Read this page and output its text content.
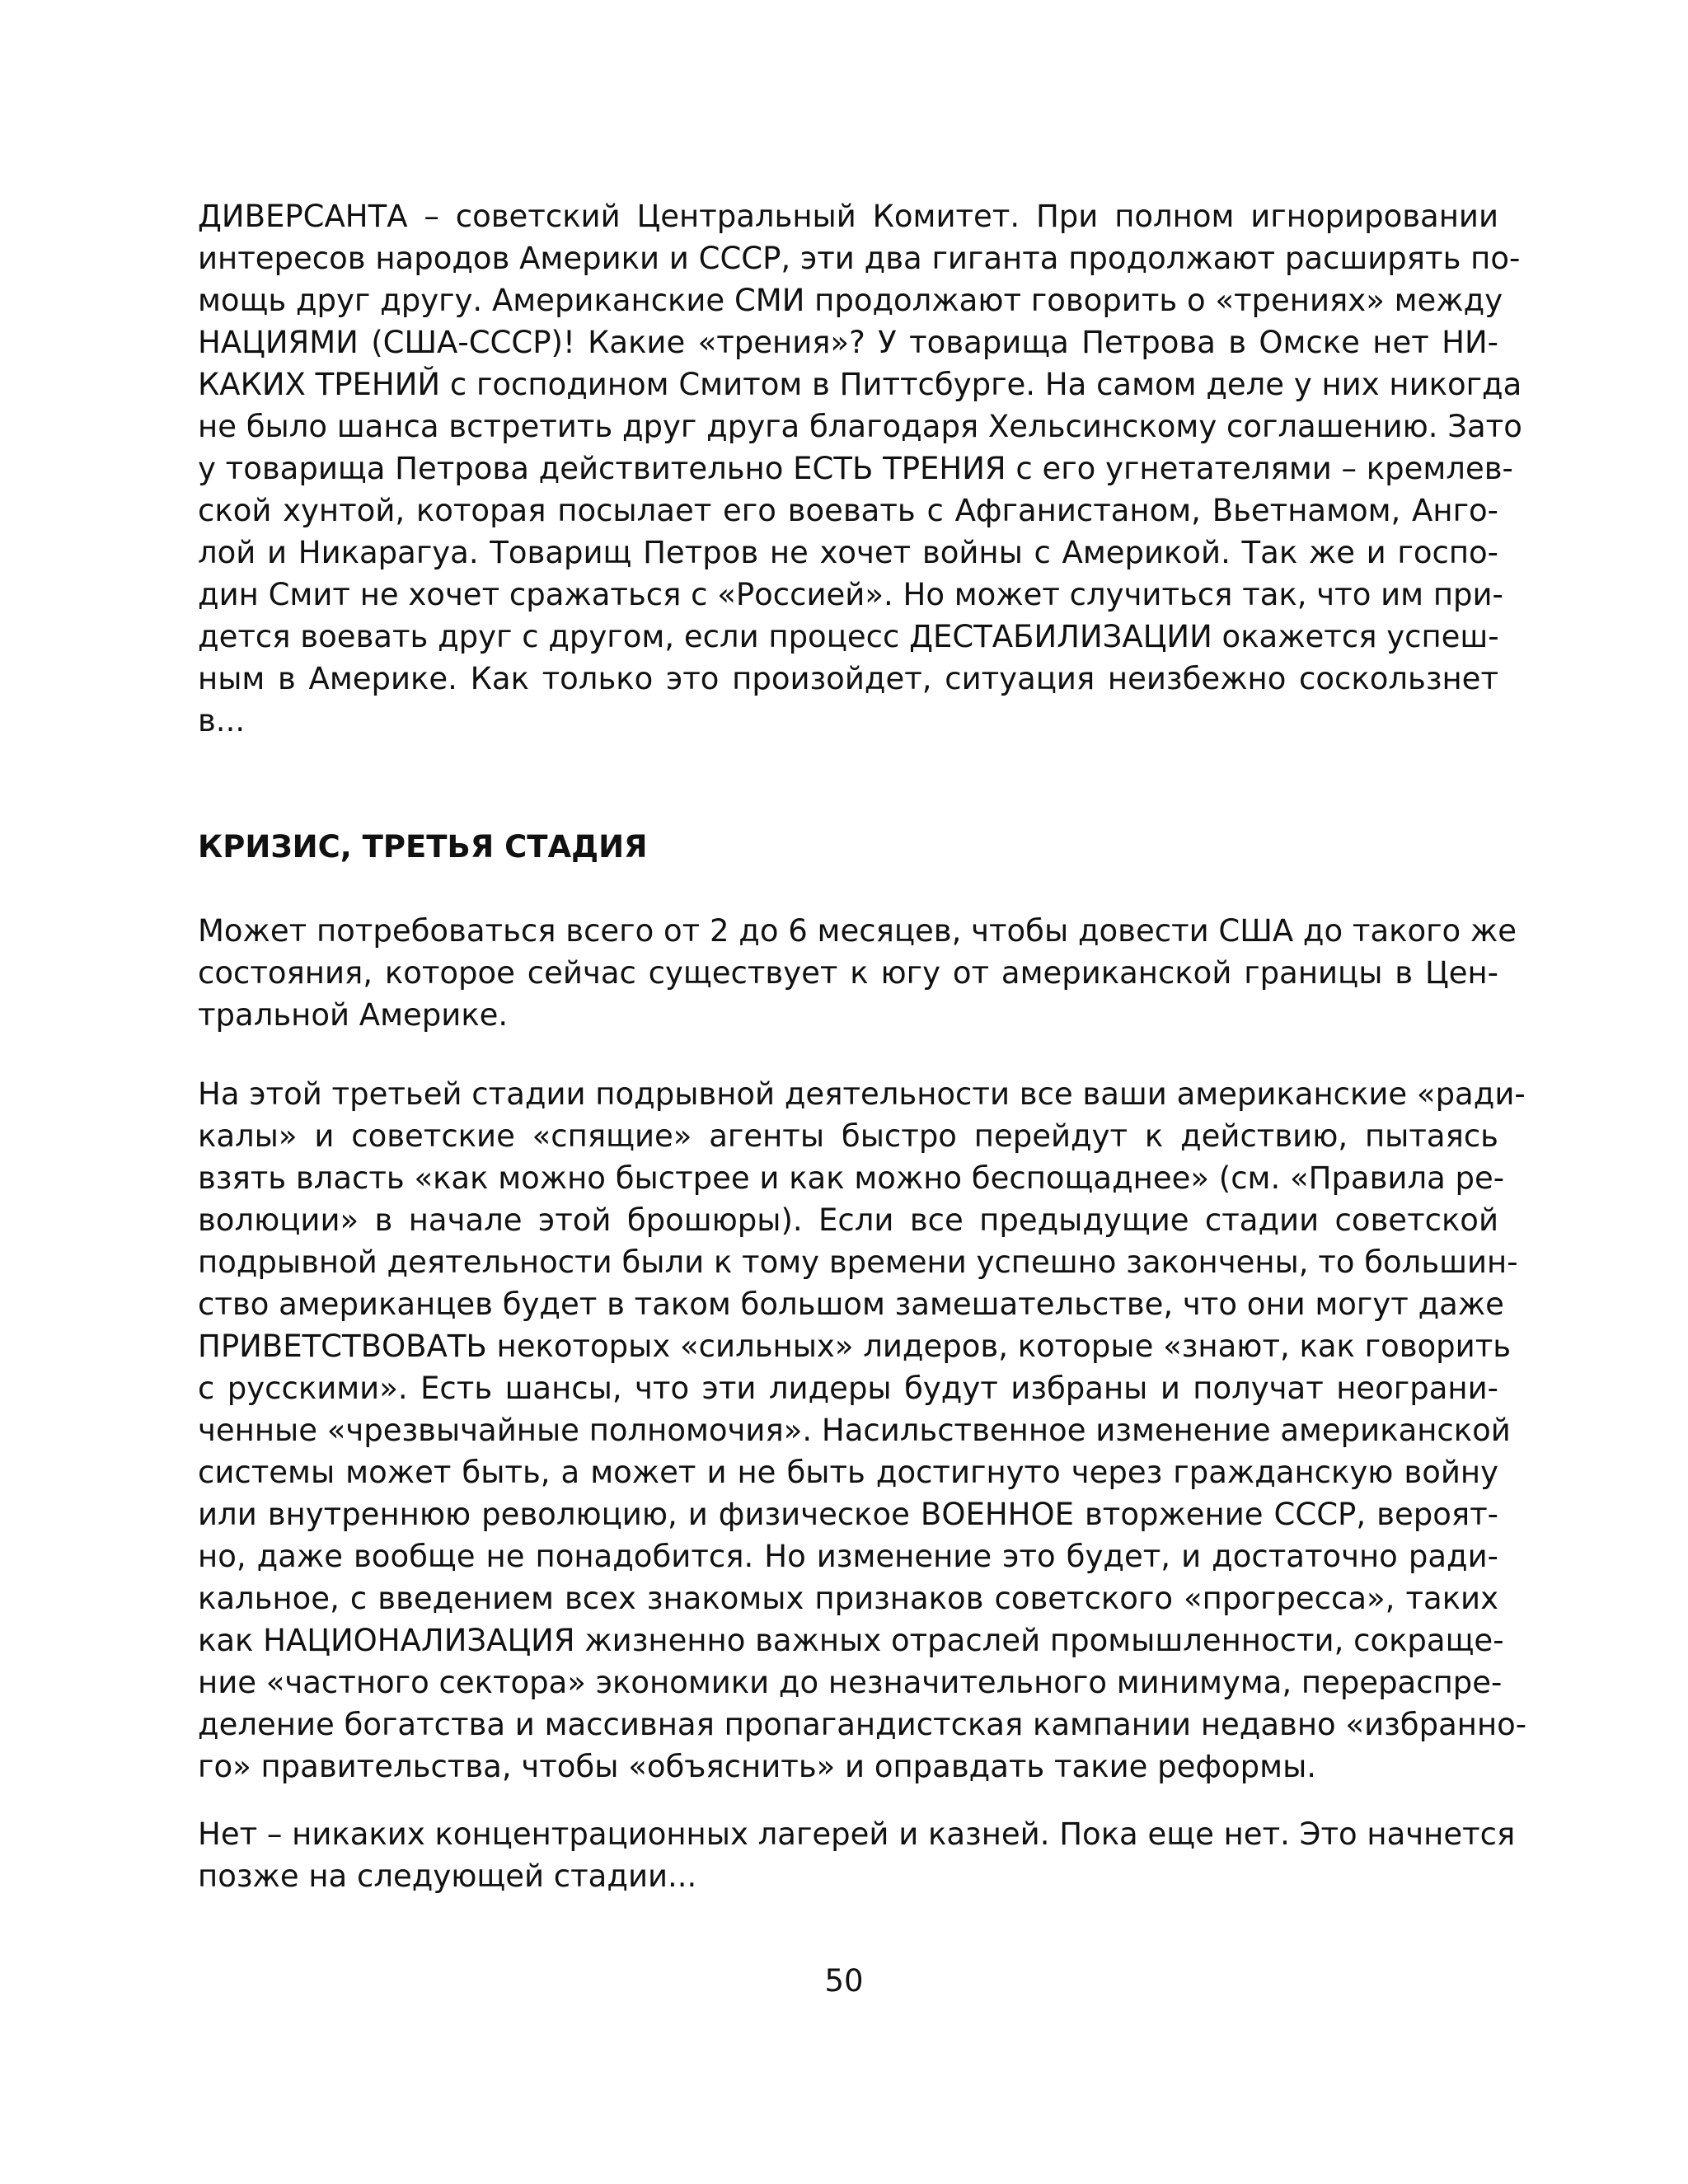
ДИВЕРСАНТА – советский Центральный Комитет. При полном игнорировании
интересов народов Америки и СССР, эти два гиганта продолжают расширять по-
мощь друг другу. Американские СМИ продолжают говорить о «трениях» между
НАЦИЯМИ (США-СССР)! Какие «трения»? У товарища Петрова в Омске нет НИ-
КАКИХ ТРЕНИЙ с господином Смитом в Питтсбурге. На самом деле у них никогда
не было шанса встретить друг друга благодаря Хельсинскому соглашению. Зато
у товарища Петрова действительно ЕСТЬ ТРЕНИЯ с его угнетателями – кремлев-
ской хунтой, которая посылает его воевать с Афганистаном, Вьетнамом, Анго-
лой и Никарагуа. Товарищ Петров не хочет войны с Америкой. Так же и госпо-
дин Смит не хочет сражаться с «Россией». Но может случиться так, что им при-
дется воевать друг с другом, если процесс ДЕСТАБИЛИЗАЦИИ окажется успеш-
ным в Америке. Как только это произойдет, ситуация неизбежно соскользнет
в...

КРИЗИС, ТРЕТЬЯ СТАДИЯ

Может потребоваться всего от 2 до 6 месяцев, чтобы довести США до такого же
состояния, которое сейчас существует к югу от американской границы в Цен-
тральной Америке.

На этой третьей стадии подрывной деятельности все ваши американские «ради-
калы» и советские «спящие» агенты быстро перейдут к действию, пытаясь
взять власть «как можно быстрее и как можно беспощаднее» (см. «Правила ре-
волюции» в начале этой брошюры). Если все предыдущие стадии советской
подрывной деятельности были к тому времени успешно закончены, то большин-
ство американцев будет в таком большом замешательстве, что они могут даже
ПРИВЕТСТВОВАТЬ некоторых «сильных» лидеров, которые «знают, как говорить
с русскими». Есть шансы, что эти лидеры будут избраны и получат неограни-
ченные «чрезвычайные полномочия». Насильственное изменение американской
системы может быть, а может и не быть достигнуто через гражданскую войну
или внутреннюю революцию, и физическое ВОЕННОЕ вторжение СССР, вероят-
но, даже вообще не понадобится. Но изменение это будет, и достаточно ради-
кальное, с введением всех знакомых признаков советского «прогресса», таких
как НАЦИОНАЛИЗАЦИЯ жизненно важных отраслей промышленности, сокраще-
ние «частного сектора» экономики до незначительного минимума, перераспре-
деление богатства и массивная пропагандистская кампании недавно «избранно-
го» правительства, чтобы «объяснить» и оправдать такие реформы.

Нет – никаких концентрационных лагерей и казней. Пока еще нет. Это начнется
позже на следующей стадии...

50
